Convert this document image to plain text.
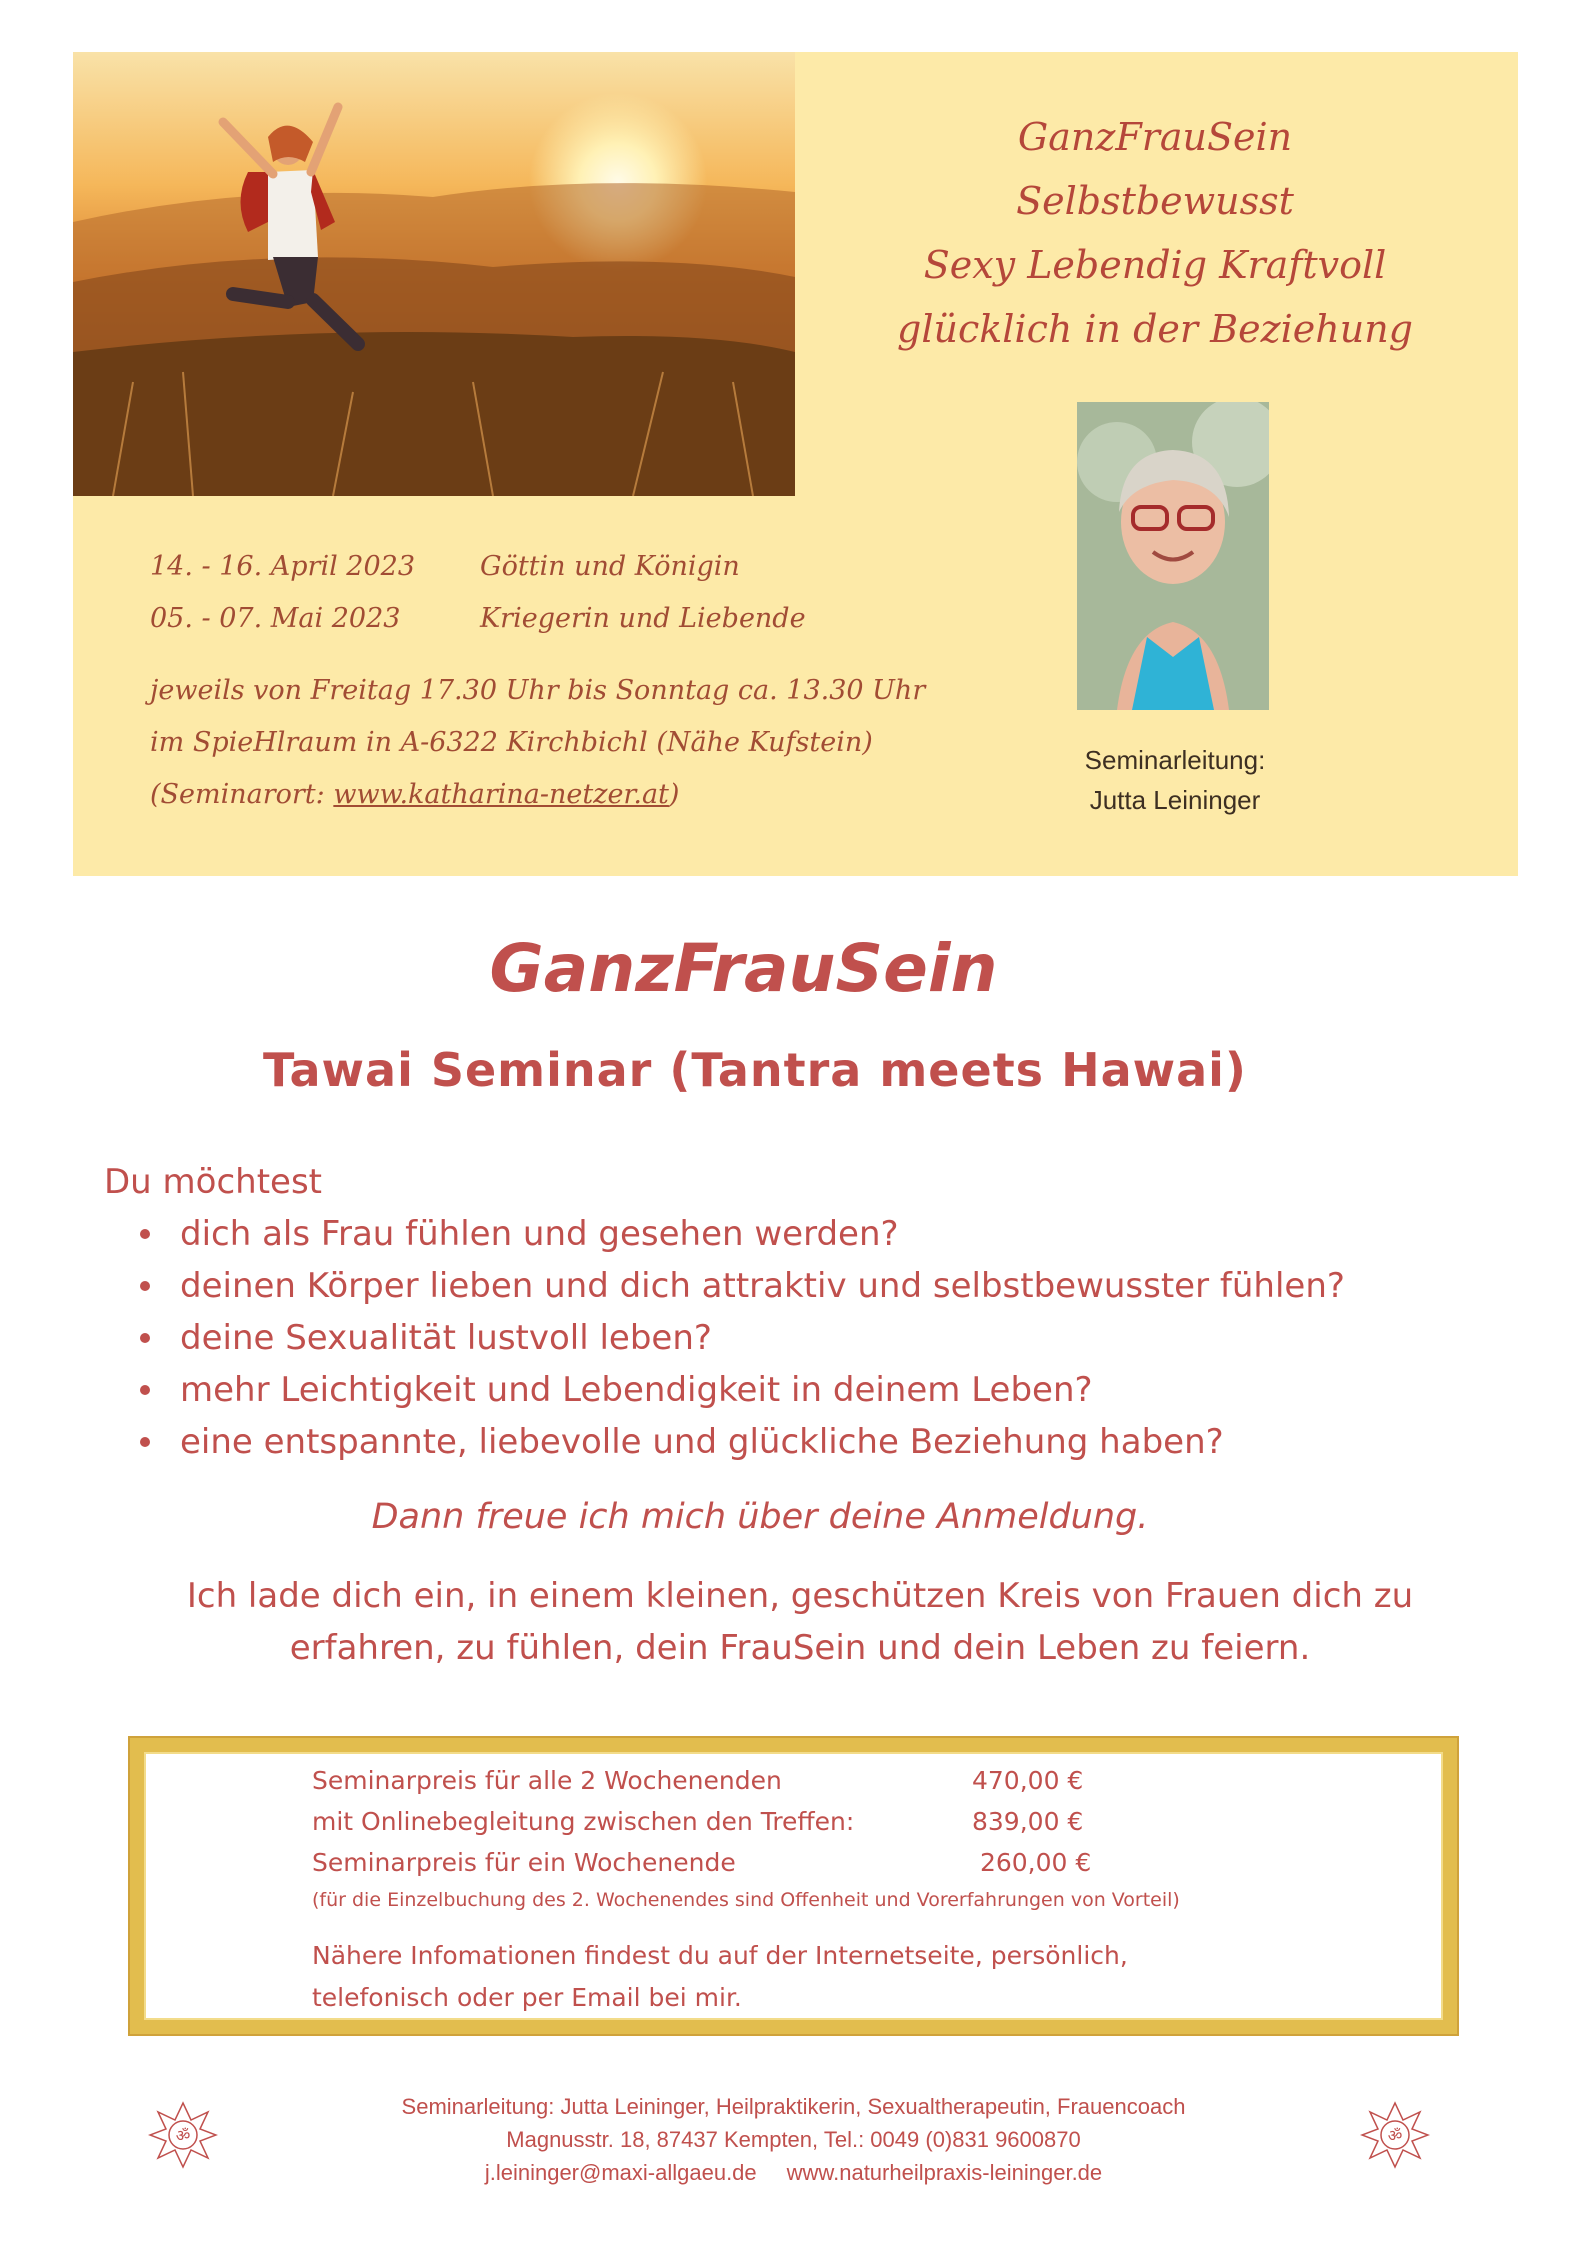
GanzFrauSein
Selbstbewusst
Sexy Lebendig Kraftvoll
glücklich in der Beziehung
Seminarleitung:
Jutta Leininger
14. - 16. April 2023	Göttin und Königin
05. - 07. Mai 2023	Kriegerin und Liebende
jeweils von Freitag 17.30 Uhr bis Sonntag ca. 13.30 Uhr
im SpieHlraum in A-6322 Kirchbichl (Nähe Kufstein)
(Seminarort: www.katharina-netzer.at)
GanzFrauSein
Tawai Seminar (Tantra meets Hawai)
Du möchtest
dich als Frau fühlen und gesehen werden?
deinen Körper lieben und dich attraktiv und selbstbewusster fühlen?
deine Sexualität lustvoll leben?
mehr Leichtigkeit und Lebendigkeit in deinem Leben?
eine entspannte, liebevolle und glückliche Beziehung haben?
Dann freue ich mich über deine Anmeldung.
Ich lade dich ein, in einem kleinen, geschützen Kreis von Frauen dich zu
erfahren, zu fühlen, dein FrauSein und dein Leben zu feiern.
Seminarpreis für alle 2 Wochenenden	470,00 €
mit Onlinebegleitung zwischen den Treffen:	839,00 €
Seminarpreis für ein Wochenende	260,00 €
(für die Einzelbuchung des 2. Wochenendes sind Offenheit und Vorerfahrungen von Vorteil)
Nähere Infomationen findest du auf der Internetseite, persönlich,
telefonisch oder per Email bei mir.
ॐ	ॐ
Seminarleitung: Jutta Leininger, Heilpraktikerin, Sexualtherapeutin, Frauencoach
Magnusstr. 18, 87437 Kempten, Tel.: 0049 (0)831 9600870
j.leininger@maxi-allgaeu.de www.naturheilpraxis-leininger.de
